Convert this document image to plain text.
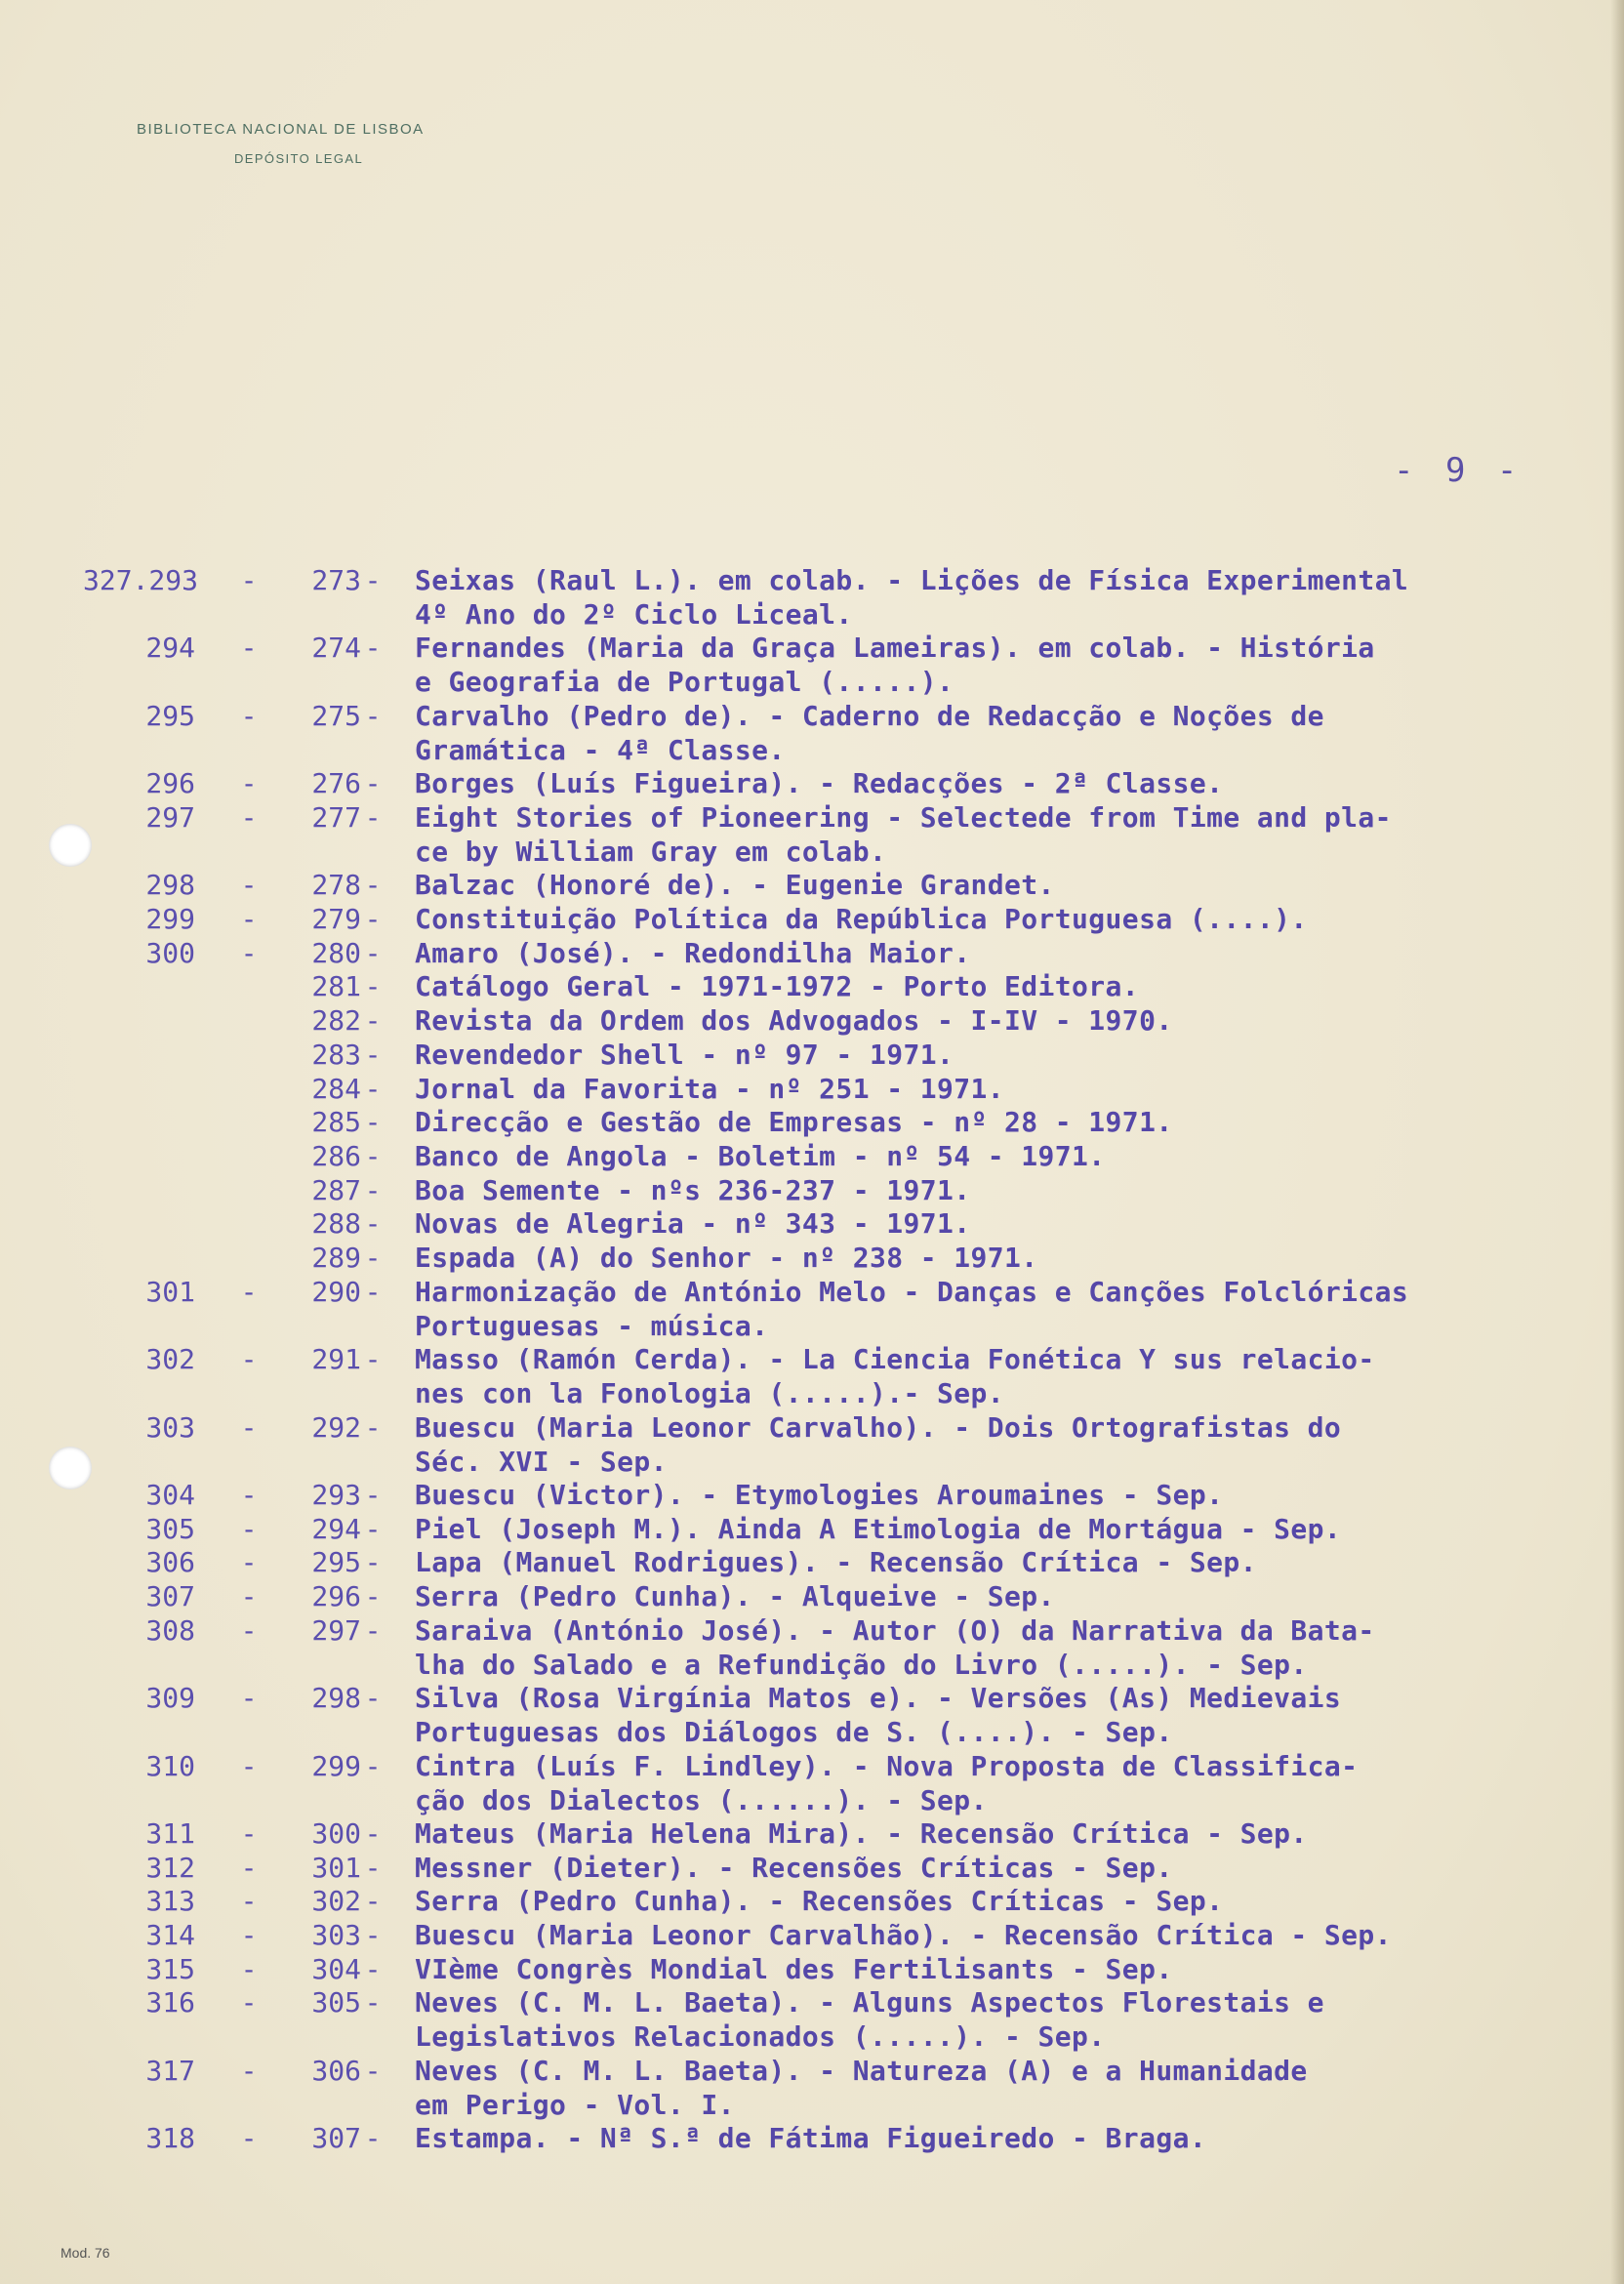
BIBLIOTECA NACIONAL DE LISBOA
DEPÓSITO LEGAL
- 9 -
327.293 -	273 - Seixas (Raul L.). em colab. - Lições de Física Experimental
4º Ano do 2º Ciclo Liceal.
294 -	274 - Fernandes (Maria da Graça Lameiras). em colab. - História
e Geografia de Portugal (.....).
295 -	275 - Carvalho (Pedro de). - Caderno de Redacção e Noções de
Gramática - 4ª Classe.
296 -	276 - Borges (Luís Figueira). - Redacções - 2ª Classe.
297 -	277 - Eight Stories of Pioneering - Selectede from Time and pla-
ce by William Gray em colab.
298 -	278 - Balzac (Honoré de). - Eugenie Grandet.
299 -	279 - Constituição Política da República Portuguesa (....).
300 -	280 - Amaro (José). - Redondilha Maior.
281 - Catálogo Geral - 1971-1972 - Porto Editora.
282 - Revista da Ordem dos Advogados - I-IV - 1970.
283 - Revendedor Shell - nº 97 - 1971.
284 - Jornal da Favorita - nº 251 - 1971.
285 - Direcção e Gestão de Empresas - nº 28 - 1971.
286 - Banco de Angola - Boletim - nº 54 - 1971.
287 - Boa Semente - nºs 236-237 - 1971.
288 - Novas de Alegria - nº 343 - 1971.
289 - Espada (A) do Senhor - nº 238 - 1971.
301 -	290 - Harmonização de António Melo - Danças e Canções Folclóricas
Portuguesas - música.
302 -	291 - Masso (Ramón Cerda). - La Ciencia Fonética Y sus relacio-
nes con la Fonologia (.....).- Sep.
303 -	292 - Buescu (Maria Leonor Carvalho). - Dois Ortografistas do
Séc. XVI - Sep.
304 -	293 - Buescu (Victor). - Etymologies Aroumaines - Sep.
305 -	294 - Piel (Joseph M.). Ainda A Etimologia de Mortágua - Sep.
306 -	295 - Lapa (Manuel Rodrigues). - Recensão Crítica - Sep.
307 -	296 - Serra (Pedro Cunha). - Alqueive - Sep.
308 -	297 - Saraiva (António José). - Autor (O) da Narrativa da Bata-
lha do Salado e a Refundição do Livro (.....). - Sep.
309 -	298 - Silva (Rosa Virgínia Matos e). - Versões (As) Medievais
Portuguesas dos Diálogos de S. (....). - Sep.
310 -	299 - Cintra (Luís F. Lindley). - Nova Proposta de Classifica-
ção dos Dialectos (......). - Sep.
311 -	300 - Mateus (Maria Helena Mira). - Recensão Crítica - Sep.
312 -	301 - Messner (Dieter). - Recensões Críticas - Sep.
313 -	302 - Serra (Pedro Cunha). - Recensões Críticas - Sep.
314 -	303 - Buescu (Maria Leonor Carvalhão). - Recensão Crítica - Sep.
315 -	304 - VIème Congrès Mondial des Fertilisants - Sep.
316 -	305 - Neves (C. M. L. Baeta). - Alguns Aspectos Florestais e
Legislativos Relacionados (.....). - Sep.
317 -	306 - Neves (C. M. L. Baeta). - Natureza (A) e a Humanidade
em Perigo - Vol. I.
318 -	307 - Estampa. - Nª S.ª de Fátima Figueiredo - Braga.
Mod. 76
